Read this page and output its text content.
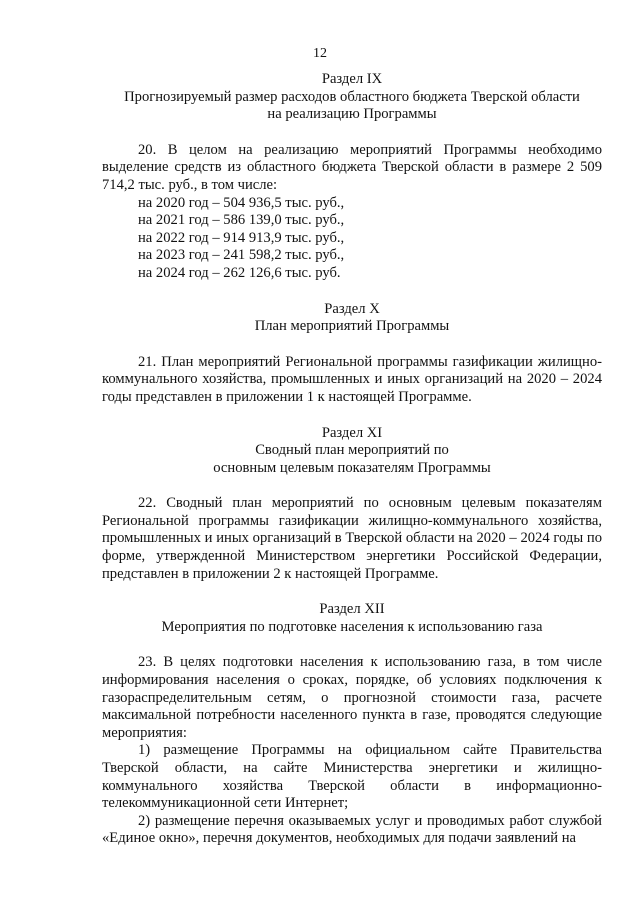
12

Раздел IX

Прогнозируемый размер расходов областного бюджета Тверской области

на реализацию Программы

20. В целом на реализацию мероприятий Программы необходимо выделение средств из областного бюджета Тверской области в размере 2 509 714,2 тыс. руб., в том числе:

на 2020 год – 504 936,5 тыс. руб.,

на 2021 год – 586 139,0 тыс. руб.,

на 2022 год – 914 913,9 тыс. руб.,

на 2023 год – 241 598,2 тыс. руб.,

на 2024 год – 262 126,6 тыс. руб.

Раздел X

План мероприятий Программы

21. План мероприятий Региональной программы газификации жилищно-коммунального хозяйства, промышленных и иных организаций на 2020 – 2024 годы представлен в приложении 1 к настоящей Программе.

Раздел XI

Сводный план мероприятий по

основным целевым показателям Программы

22. Сводный план мероприятий по основным целевым показателям Региональной программы газификации жилищно-коммунального хозяйства, промышленных и иных организаций в Тверской области на 2020 – 2024 годы по форме, утвержденной Министерством энергетики Российской Федерации, представлен в приложении 2 к настоящей Программе.

Раздел XII

Мероприятия по подготовке населения к использованию газа

23. В целях подготовки населения к использованию газа, в том числе информирования населения о сроках, порядке, об условиях подключения к газораспределительным сетям, о прогнозной стоимости газа, расчете максимальной потребности населенного пункта в газе, проводятся следующие мероприятия:

1) размещение Программы на официальном сайте Правительства Тверской области, на сайте Министерства энергетики и жилищно-коммунального хозяйства Тверской области в информационно-телекоммуникационной сети Интернет;

2) размещение перечня оказываемых услуг и проводимых работ службой «Единое окно», перечня документов, необходимых для подачи заявлений на
